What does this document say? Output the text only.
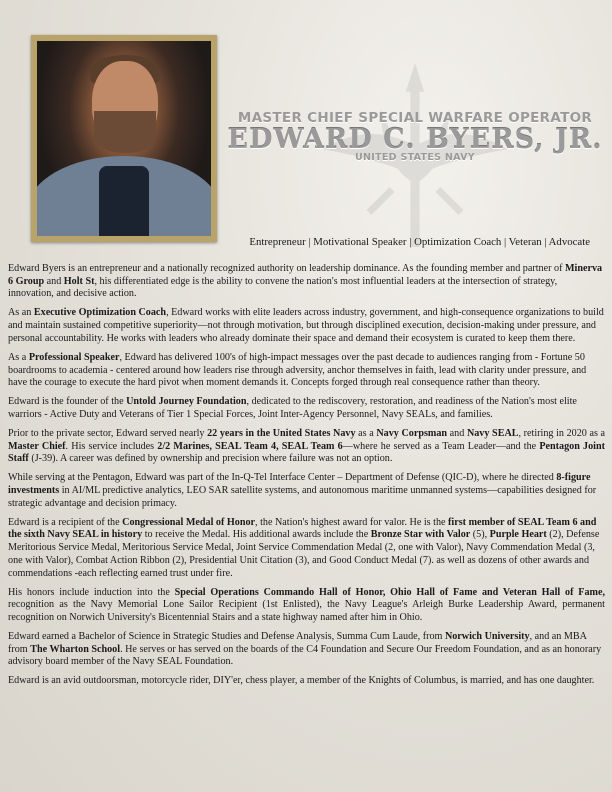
MASTER CHIEF SPECIAL WARFARE OPERATOR
EDWARD C. BYERS, JR.
UNITED STATES NAVY
Entrepreneur | Motivational Speaker | Optimization Coach | Veteran | Advocate

Edward Byers is an entrepreneur and a nationally recognized authority on leadership dominance. As the founding member and partner of Minerva 6 Group and Holt St, his differentiated edge is the ability to convene the nation's most influential leaders at the intersection of strategy, innovation, and decisive action.

As an Executive Optimization Coach, Edward works with elite leaders across industry, government, and high-consequence organizations to build and maintain sustained competitive superiority—not through motivation, but through disciplined execution, decision-making under pressure, and personal accountability. He works with leaders who already dominate their space and demand their ecosystem is curated to keep them there.

As a Professional Speaker, Edward has delivered 100's of high-impact messages over the past decade to audiences ranging from - Fortune 50 boardrooms to academia - centered around how leaders rise through adversity, anchor themselves in faith, lead with clarity under pressure, and have the courage to execute the hard pivot when moment demands it. Concepts forged through real consequence rather than theory.

Edward is the founder of the Untold Journey Foundation, dedicated to the rediscovery, restoration, and readiness of the Nation's most elite warriors - Active Duty and Veterans of Tier 1 Special Forces, Joint Inter-Agency Personnel, Navy SEALs, and families.

Prior to the private sector, Edward served nearly 22 years in the United States Navy as a Navy Corpsman and Navy SEAL, retiring in 2020 as a Master Chief. His service includes 2/2 Marines, SEAL Team 4, SEAL Team 6—where he served as a Team Leader—and the Pentagon Joint Staff (J-39). A career was defined by ownership and precision where failure was not an option.

While serving at the Pentagon, Edward was part of the In-Q-Tel Interface Center – Department of Defense (QIC-D), where he directed 8-figure investments in AI/ML predictive analytics, LEO SAR satellite systems, and autonomous maritime unmanned systems—capabilities designed for strategic advantage and decision primacy.

Edward is a recipient of the Congressional Medal of Honor, the Nation's highest award for valor. He is the first member of SEAL Team 6 and the sixth Navy SEAL in history to receive the Medal. His additional awards include the Bronze Star with Valor (5), Purple Heart (2), Defense Meritorious Service Medal, Meritorious Service Medal, Joint Service Commendation Medal (2, one with Valor), Navy Commendation Medal (3, one with Valor), Combat Action Ribbon (2), Presidential Unit Citation (3), and Good Conduct Medal (7). as well as dozens of other awards and commendations -each reflecting earned trust under fire.

His honors include induction into the Special Operations Commando Hall of Honor, Ohio Hall of Fame and Veteran Hall of Fame, recognition as the Navy Memorial Lone Sailor Recipient (1st Enlisted), the Navy League's Arleigh Burke Leadership Award, permanent recognition on Norwich University's Bicentennial Stairs and a state highway named after him in Ohio.

Edward earned a Bachelor of Science in Strategic Studies and Defense Analysis, Summa Cum Laude, from Norwich University, and an MBA from The Wharton School. He serves or has served on the boards of the C4 Foundation and Secure Our Freedom Foundation, and as an honorary advisory board member of the Navy SEAL Foundation.

Edward is an avid outdoorsman, motorcycle rider, DIY'er, chess player, a member of the Knights of Columbus, is married, and has one daughter.
